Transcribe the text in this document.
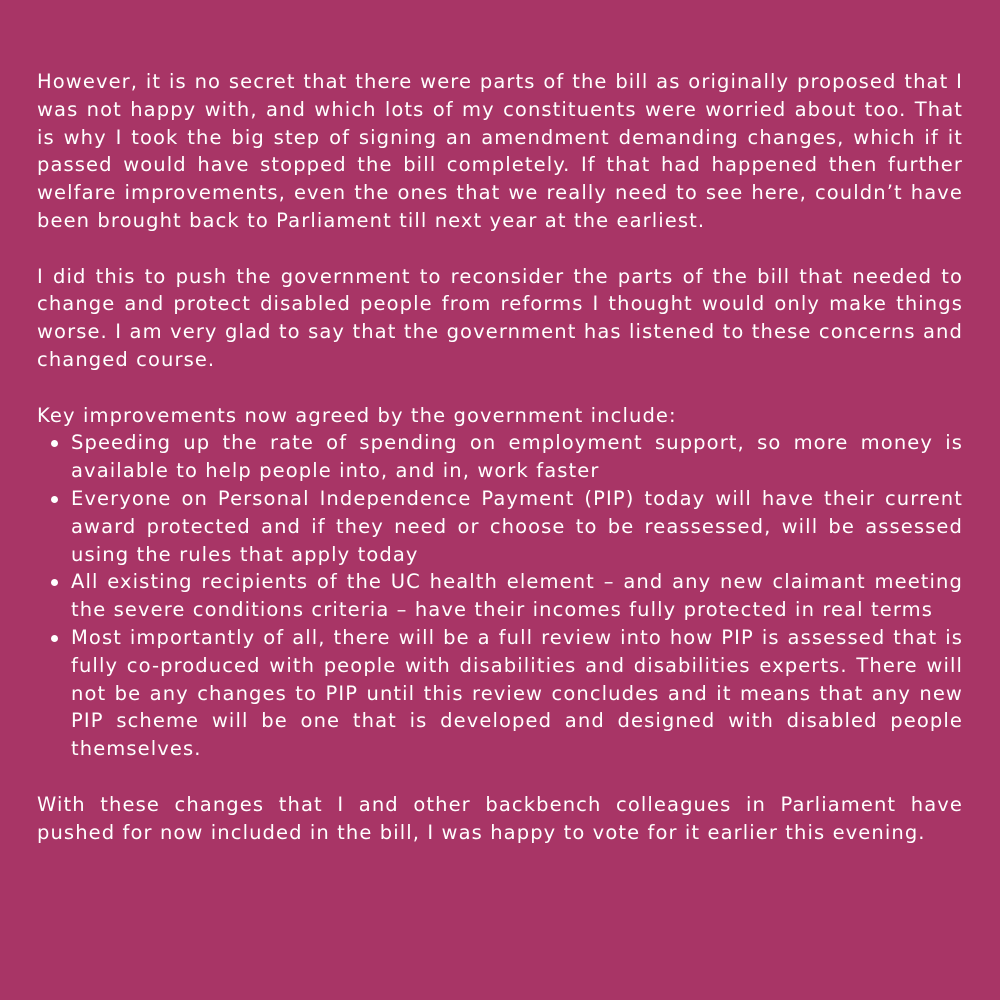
However, it is no secret that there were parts of the bill as originally proposed that I was not happy with, and which lots of my constituents were worried about too. That is why I took the big step of signing an amendment demanding changes, which if it passed would have stopped the bill completely. If that had happened then further welfare improvements, even the ones that we really need to see here, couldn’t have been brought back to Parliament till next year at the earliest.

I did this to push the government to reconsider the parts of the bill that needed to change and protect disabled people from reforms I thought would only make things worse. I am very glad to say that the government has listened to these concerns and changed course.

Key improvements now agreed by the government include:

Speeding up the rate of spending on employment support, so more money is available to help people into, and in, work faster
Everyone on Personal Independence Payment (PIP) today will have their current award protected and if they need or choose to be reassessed, will be assessed using the rules that apply today
All existing recipients of the UC health element – and any new claimant meeting the severe conditions criteria – have their incomes fully protected in real terms
Most importantly of all, there will be a full review into how PIP is assessed that is fully co-produced with people with disabilities and disabilities experts. There will not be any changes to PIP until this review concludes and it means that any new PIP scheme will be one that is developed and designed with disabled people themselves.

With these changes that I and other backbench colleagues in Parliament have pushed for now included in the bill, I was happy to vote for it earlier this evening.
